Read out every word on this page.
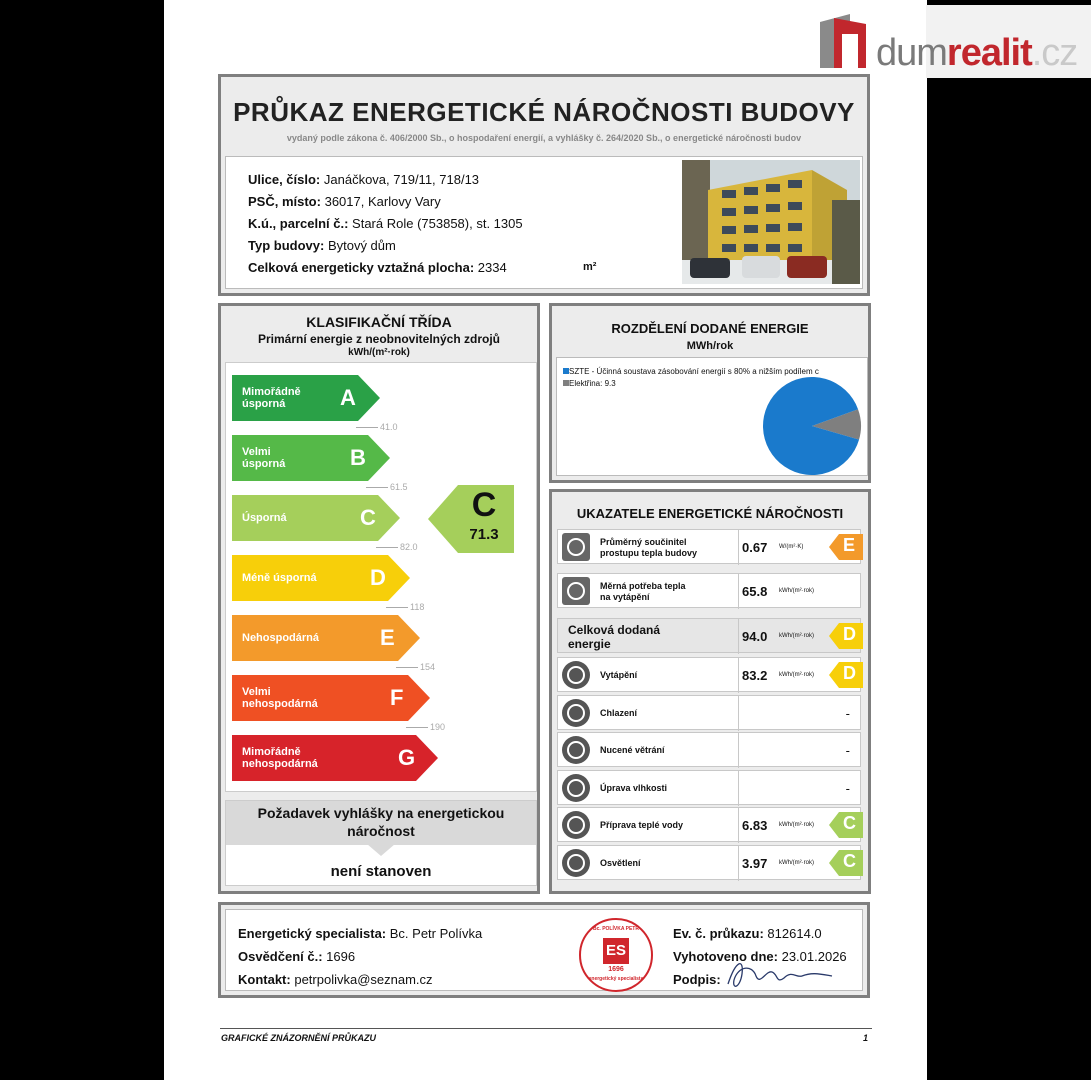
dumrealit.cz
PRŮKAZ ENERGETICKÉ NÁROČNOSTI BUDOVY
vydaný podle zákona č. 406/2000 Sb., o hospodaření energií, a vyhlášky č. 264/2020 Sb., o energetické náročnosti budov
Ulice, číslo: Janáčkova, 719/11, 718/13
PSČ, místo: 36017, Karlovy Vary
K.ú., parcelní č.: Stará Role (753858), st. 1305
Typ budovy: Bytový dům
Celková energeticky vztažná plocha: 2334	m²
KLASIFIKAČNÍ TŘÍDA
Primární energie z neobnovitelných zdrojů
kWh/(m²·rok)
Mimořádně
úsporná	A
41.0
Velmi
úsporná	B
61.5
Úsporná	C
82.0
Méně úsporná D
118
Nehospodárná	E
154
Velmi
nehospodárná	F
190
Mimořádně
nehospodárná	G
C
71.3
Požadavek vyhlášky na energetickou
náročnost
není stanoven
ROZDĚLENÍ DODANÉ ENERGIE
MWh/rok
SZTE - Účinná soustava zásobování energií s 80% a nižším podílem c
Elektřina: 9.3
UKAZATELE ENERGETICKÉ NÁROČNOSTI
Průměrný součinitel
prostupu tepla budovy	0.67 W/(m²·K) E
Měrná potřeba tepla
na vytápění	65.8 kWh/(m²·rok)
Celková dodaná energie	94.0 kWh/(m²·rok) D
Vytápění	83.2 kWh/(m²·rok) D
Chlazení	-
Nucené větrání	-
Úprava vlhkosti	-
Příprava teplé vody	6.83 kWh/(m²·rok) C
Osvětlení	3.97 kWh/(m²·rok) C
Energetický specialista: Bc. Petr Polívka
Osvědčení č.: 1696
Kontakt: petrpolivka@seznam.cz
Bc. POLÍVKA PETR
ES
1696
energetický specialista
Ev. č. průkazu: 812614.0
Vyhotoveno dne: 23.01.2026
Podpis:
GRAFICKÉ ZNÁZORNĚNÍ PRŮKAZU	1
